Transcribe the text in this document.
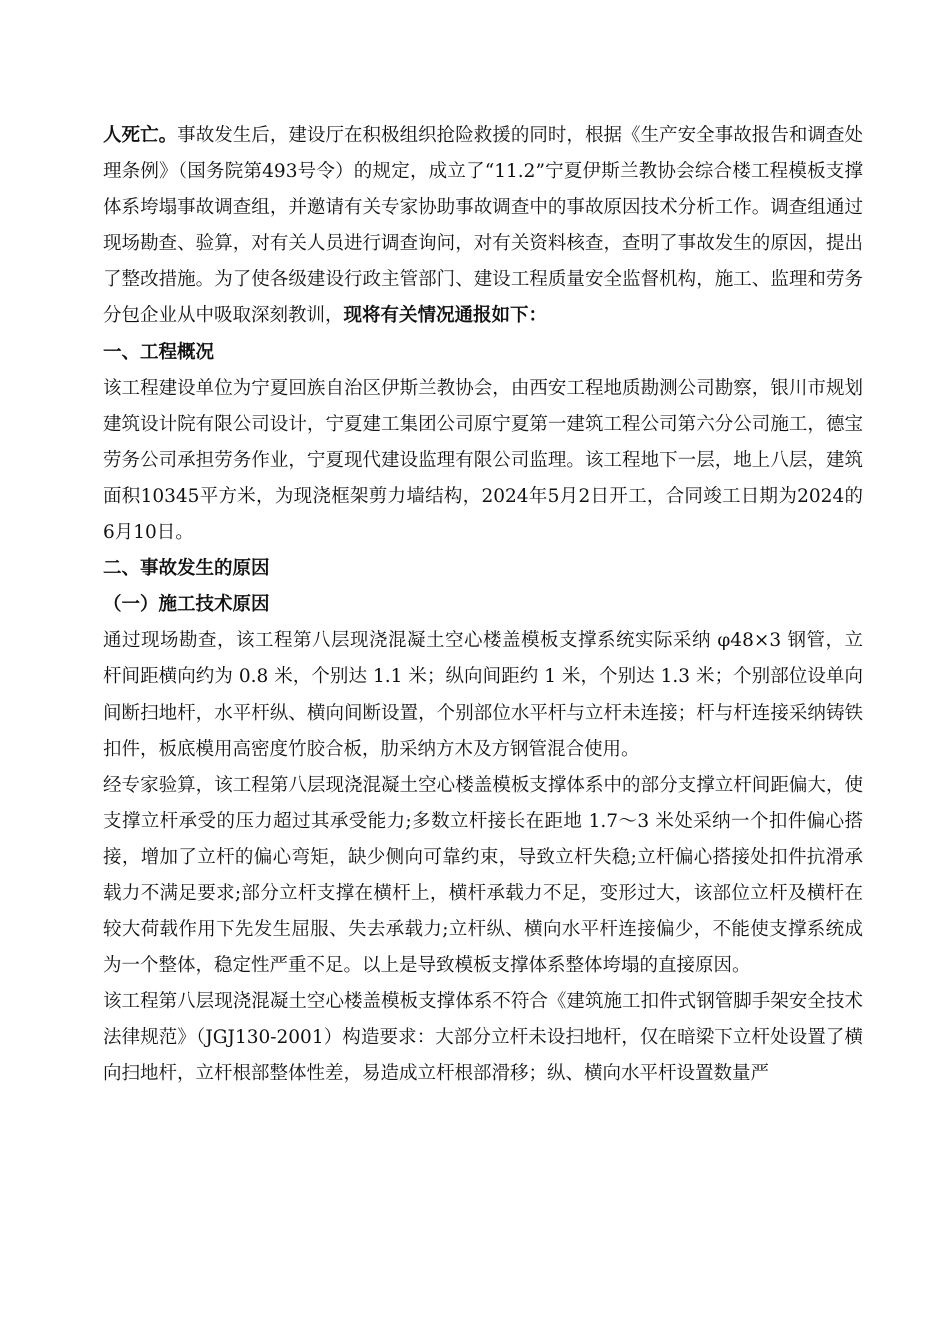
人死亡。事故发生后，建设厅在积极组织抢险救援的同时，根据《生产安全事故报告和调查处理条例》（国务院第493号令）的规定，成立了“11.2”宁夏伊斯兰教协会综合楼工程模板支撑体系垮塌事故调查组，并邀请有关专家协助事故调查中的事故原因技术分析工作。调查组通过现场勘查、验算，对有关人员进行调查询问，对有关资料核查，查明了事故发生的原因，提出了整改措施。为了使各级建设行政主管部门、建设工程质量安全监督机构，施工、监理和劳务分包企业从中吸取深刻教训，现将有关情况通报如下：

一、工程概况

该工程建设单位为宁夏回族自治区伊斯兰教协会，由西安工程地质勘测公司勘察，银川市规划建筑设计院有限公司设计，宁夏建工集团公司原宁夏第一建筑工程公司第六分公司施工，德宝劳务公司承担劳务作业，宁夏现代建设监理有限公司监理。该工程地下一层，地上八层，建筑面积10345平方米，为现浇框架剪力墙结构，2024年5月2日开工，合同竣工日期为2024的6月10日。

二、事故发生的原因
（一）施工技术原因

通过现场勘查，该工程第八层现浇混凝土空心楼盖模板支撑系统实际采纳 φ48×3 钢管，立杆间距横向约为 0.8 米，个别达 1.1 米；纵向间距约 1 米，个别达 1.3 米；个别部位设单向间断扫地杆，水平杆纵、横向间断设置，个别部位水平杆与立杆未连接；杆与杆连接采纳铸铁扣件，板底模用高密度竹胶合板，肋采纳方木及方钢管混合使用。

经专家验算，该工程第八层现浇混凝土空心楼盖模板支撑体系中的部分支撑立杆间距偏大，使支撑立杆承受的压力超过其承受能力;多数立杆接长在距地 1.7～3 米处采纳一个扣件偏心搭接，增加了立杆的偏心弯矩，缺少侧向可靠约束，导致立杆失稳;立杆偏心搭接处扣件抗滑承载力不满足要求;部分立杆支撑在横杆上，横杆承载力不足，变形过大，该部位立杆及横杆在较大荷载作用下先发生屈服、失去承载力;立杆纵、横向水平杆连接偏少，不能使支撑系统成为一个整体，稳定性严重不足。以上是导致模板支撑体系整体垮塌的直接原因。

该工程第八层现浇混凝土空心楼盖模板支撑体系不符合《建筑施工扣件式钢管脚手架安全技术法律规范》（JGJ130-2001）构造要求：大部分立杆未设扫地杆，仅在暗梁下立杆处设置了横向扫地杆，立杆根部整体性差，易造成立杆根部滑移；纵、横向水平杆设置数量严
